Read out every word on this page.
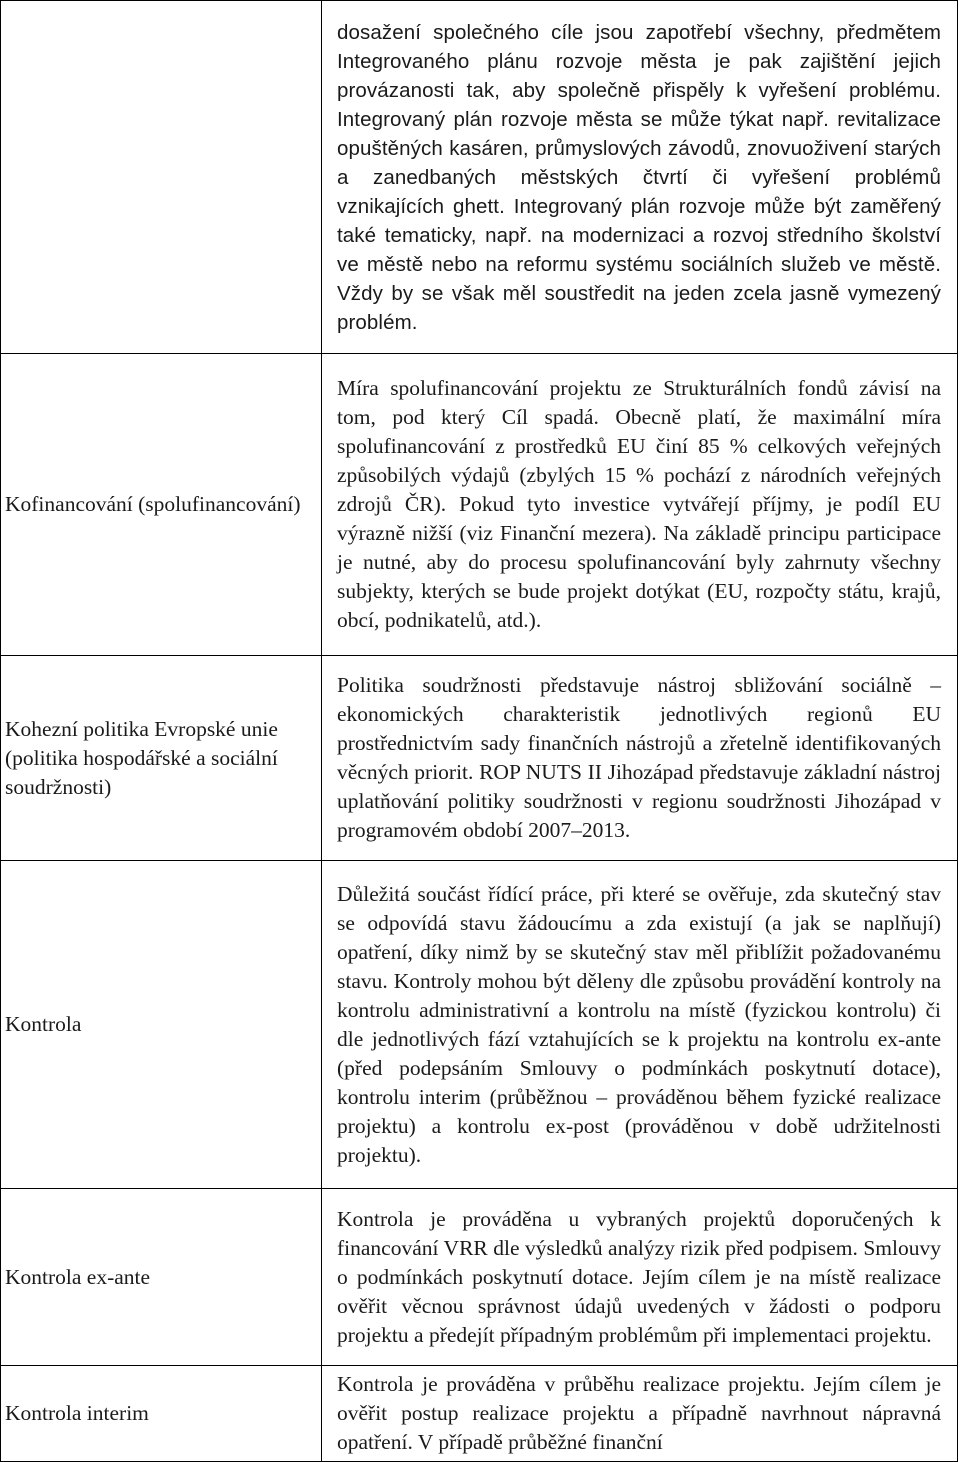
	dosažení společného cíle jsou zapotřebí všechny, předmětem Integrovaného plánu rozvoje města je pak zajištění jejich provázanosti tak, aby společně přispěly k vyřešení problému. Integrovaný plán rozvoje města se může týkat např. revitalizace opuštěných kasáren, průmyslových závodů, znovuoživení starých a zanedbaných městských čtvrtí či vyřešení problémů vznikajících ghett. Integrovaný plán rozvoje může být zaměřený také tematicky, např. na modernizaci a rozvoj středního školství ve městě nebo na reformu systému sociálních služeb ve městě. Vždy by se však měl soustředit na jeden zcela jasně vymezený problém.

Kofinancování (spolufinancování)	Míra spolufinancování projektu ze Strukturálních fondů závisí na tom, pod který Cíl spadá. Obecně platí, že maximální míra spolufinancování z prostředků EU činí 85 % celkových veřejných způsobilých výdajů (zbylých 15 % pochází z národních veřejných zdrojů ČR). Pokud tyto investice vytvářejí příjmy, je podíl EU výrazně nižší (viz Finanční mezera). Na základě principu participace je nutné, aby do procesu spolufinancování byly zahrnuty všechny subjekty, kterých se bude projekt dotýkat (EU, rozpočty státu, krajů, obcí, podnikatelů, atd.).

Kohezní politika Evropské unie (politika hospodářské a sociální soudržnosti)	Politika soudržnosti představuje nástroj sbližování sociálně – ekonomických charakteristik jednotlivých regionů EU prostřednictvím sady finančních nástrojů a zřetelně identifikovaných věcných priorit. ROP NUTS II Jihozápad představuje základní nástroj uplatňování politiky soudržnosti v regionu soudržnosti Jihozápad v programovém období 2007–2013.

Kontrola	Důležitá součást řídící práce, při které se ověřuje, zda skutečný stav se odpovídá stavu žádoucímu a zda existují (a jak se naplňují) opatření, díky nimž by se skutečný stav měl přiblížit požadovanému stavu. Kontroly mohou být děleny dle způsobu provádění kontroly na kontrolu administrativní a kontrolu na místě (fyzickou kontrolu) či dle jednotlivých fází vztahujících se k projektu na kontrolu ex-ante (před podepsáním Smlouvy o podmínkách poskytnutí dotace), kontrolu interim (průběžnou – prováděnou během fyzické realizace projektu) a kontrolu ex-post (prováděnou v době udržitelnosti projektu).

Kontrola ex-ante	Kontrola je prováděna u vybraných projektů doporučených k financování VRR dle výsledků analýzy rizik před podpisem. Smlouvy o podmínkách poskytnutí dotace. Jejím cílem je na místě realizace ověřit věcnou správnost údajů uvedených v žádosti o podporu projektu a předejít případným problémům při implementaci projektu.

Kontrola interim	Kontrola je prováděna v průběhu realizace projektu. Jejím cílem je ověřit postup realizace projektu a případně navrhnout nápravná opatření. V případě průběžné finanční
